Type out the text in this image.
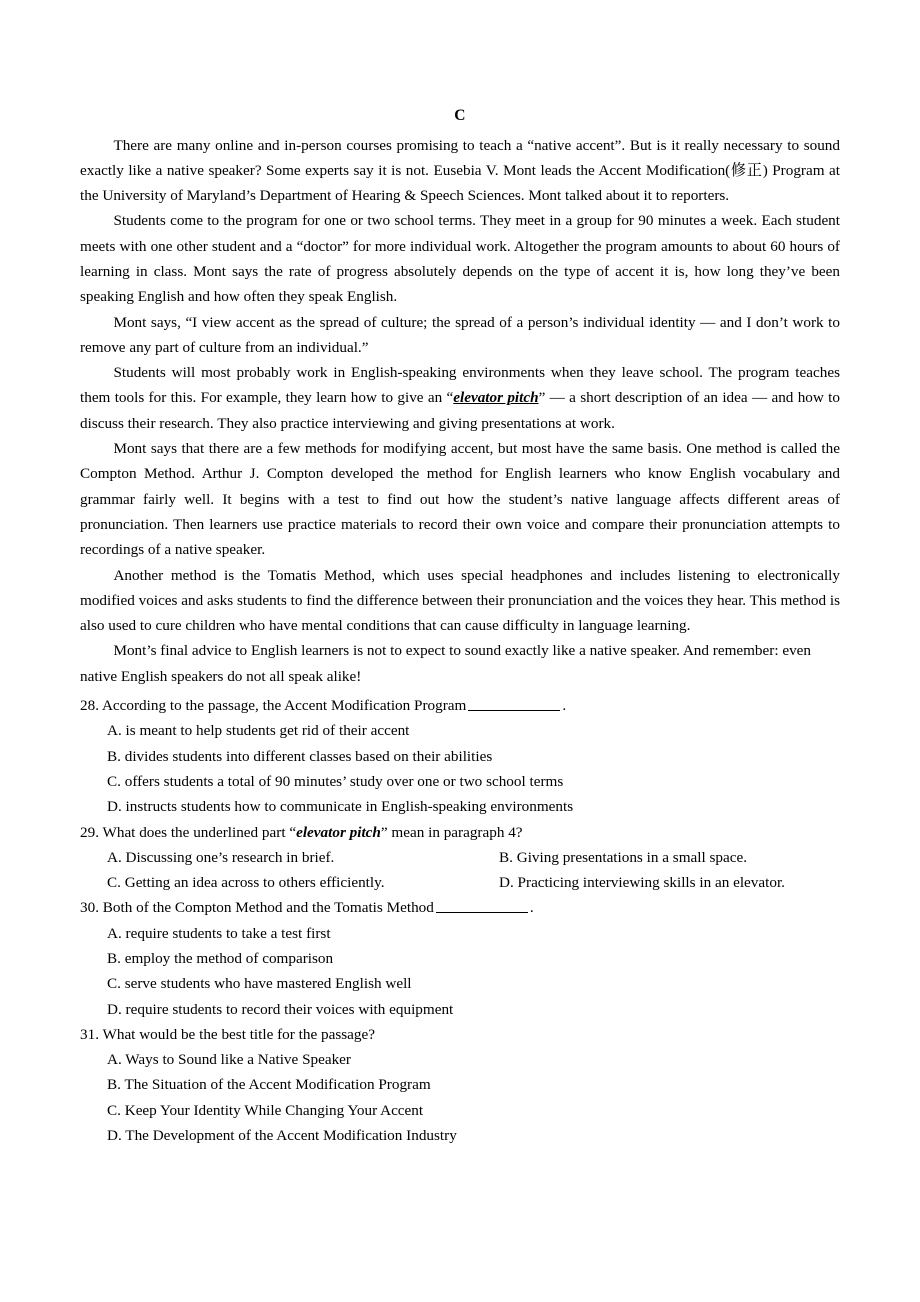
C

There are many online and in-person courses promising to teach a “native accent”. But is it really necessary to sound exactly like a native speaker? Some experts say it is not. Eusebia V. Mont leads the Accent Modification(修正) Program at the University of Maryland’s Department of Hearing & Speech Sciences. Mont talked about it to reporters.

Students come to the program for one or two school terms. They meet in a group for 90 minutes a week. Each student meets with one other student and a “doctor” for more individual work. Altogether the program amounts to about 60 hours of learning in class. Mont says the rate of progress absolutely depends on the type of accent it is, how long they’ve been speaking English and how often they speak English.

Mont says, “I view accent as the spread of culture; the spread of a person’s individual identity — and I don’t work to remove any part of culture from an individual.”

Students will most probably work in English-speaking environments when they leave school. The program teaches them tools for this. For example, they learn how to give an “elevator pitch” — a short description of an idea — and how to discuss their research. They also practice interviewing and giving presentations at work.

Mont says that there are a few methods for modifying accent, but most have the same basis. One method is called the Compton Method. Arthur J. Compton developed the method for English learners who know English vocabulary and grammar fairly well. It begins with a test to find out how the student’s native language affects different areas of pronunciation. Then learners use practice materials to record their own voice and compare their pronunciation attempts to recordings of a native speaker.

Another method is the Tomatis Method, which uses special headphones and includes listening to electronically modified voices and asks students to find the difference between their pronunciation and the voices they hear. This method is also used to cure children who have mental conditions that can cause difficulty in language learning.

Mont’s final advice to English learners is not to expect to sound exactly like a native speaker. And remember: even native English speakers do not all speak alike!

28. According to the passage, the Accent Modification Program	.

A. is meant to help students get rid of their accent

B. divides students into different classes based on their abilities

C. offers students a total of 90 minutes’ study over one or two school terms

D. instructs students how to communicate in English-speaking environments

29. What does the underlined part “elevator pitch” mean in paragraph 4?

A. Discussing one’s research in brief.	B. Giving presentations in a small space.
C. Getting an idea across to others efficiently.	D. Practicing interviewing skills in an elevator.

30. Both of the Compton Method and the Tomatis Method	.

A. require students to take a test first

B. employ the method of comparison

C. serve students who have mastered English well

D. require students to record their voices with equipment

31. What would be the best title for the passage?

A. Ways to Sound like a Native Speaker

B. The Situation of the Accent Modification Program

C. Keep Your Identity While Changing Your Accent

D. The Development of the Accent Modification Industry
